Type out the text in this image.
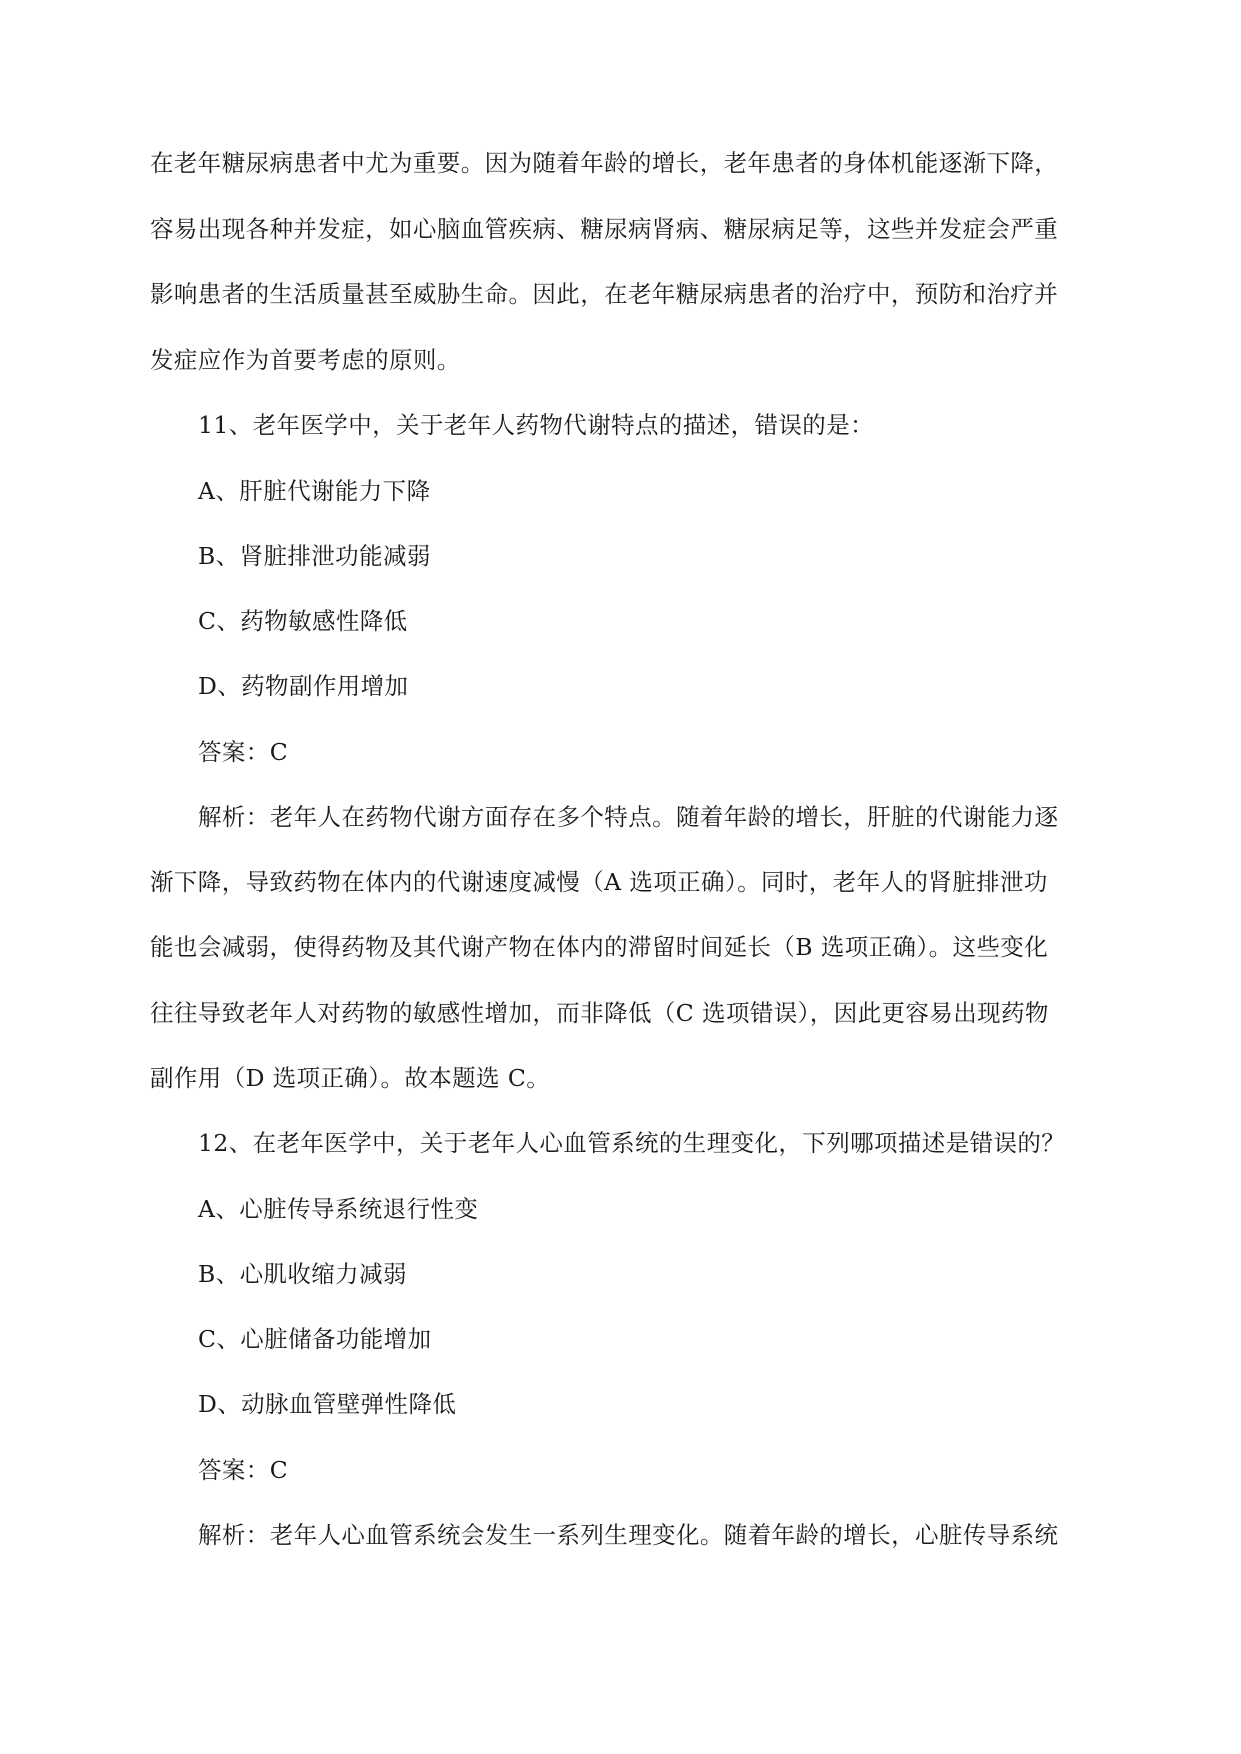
在老年糖尿病患者中尤为重要。因为随着年龄的增长，老年患者的身体机能逐渐下降，
容易出现各种并发症，如心脑血管疾病、糖尿病肾病、糖尿病足等，这些并发症会严重
影响患者的生活质量甚至威胁生命。因此，在老年糖尿病患者的治疗中，预防和治疗并
发症应作为首要考虑的原则。
11、老年医学中，关于老年人药物代谢特点的描述，错误的是：
A、肝脏代谢能力下降
B、肾脏排泄功能减弱
C、药物敏感性降低
D、药物副作用增加
答案：C
解析：老年人在药物代谢方面存在多个特点。随着年龄的增长，肝脏的代谢能力逐
渐下降，导致药物在体内的代谢速度减慢（A 选项正确）。同时，老年人的肾脏排泄功
能也会减弱，使得药物及其代谢产物在体内的滞留时间延长（B 选项正确）。这些变化
往往导致老年人对药物的敏感性增加，而非降低（C 选项错误），因此更容易出现药物
副作用（D 选项正确）。故本题选 C。
12、在老年医学中，关于老年人心血管系统的生理变化，下列哪项描述是错误的？
A、心脏传导系统退行性变
B、心肌收缩力减弱
C、心脏储备功能增加
D、动脉血管壁弹性降低
答案：C
解析：老年人心血管系统会发生一系列生理变化。随着年龄的增长，心脏传导系统
